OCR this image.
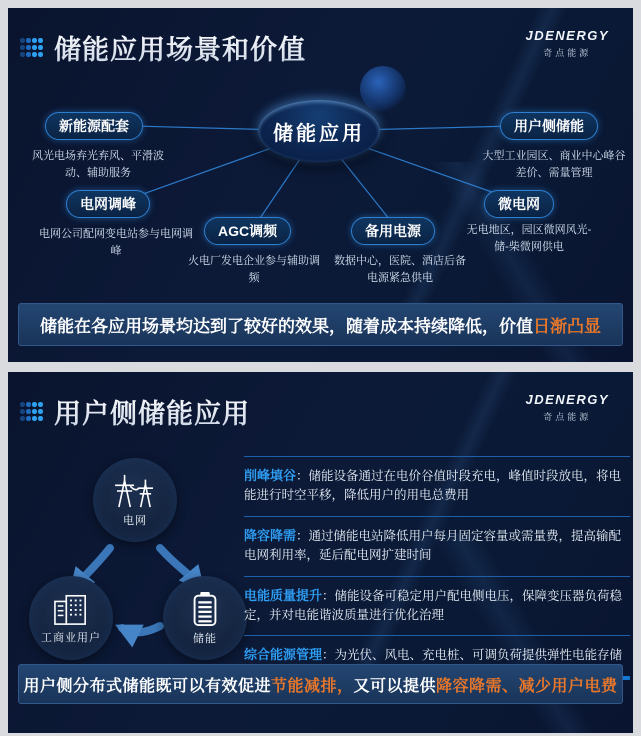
储能应用场景和价值	JDENERGY
奇点能源
储能应用
新能源配套
风光电场弃光弃风、平滑波动、辅助服务
电网调峰
电网公司配网变电站参与电网调峰
AGC调频
火电厂发电企业参与辅助调频
备用电源
数据中心，医院、酒店后备电源紧急供电
微电网
无电地区，园区微网风光-储-柴微网供电
用户侧储能
大型工业园区、商业中心峰谷差价、需量管理
储能在各应用场景均达到了较好的效果，随着成本持续降低，价值 日渐凸显
用户侧储能应用	JDENERGY
奇点能源
电网
工商业用户	储能
削峰填谷：储能设备通过在电价谷值时段充电，峰值时段放电，将电能进行时空平移，降低用户的用电总费用
降容降需：通过储能电站降低用户每月固定容量或需量费，提高输配电网利用率，延后配电网扩建时间
电能质量提升：储能设备可稳定用户配电侧电压，保障变压器负荷稳定，并对电能谐波质量进行优化治理
综合能源管理：为光伏、风电、充电桩、可调负荷提供弹性电能存储
用户侧分布式储能既可以有效促进 节能减排， 又可以提供 降容降需、减少用户电费
